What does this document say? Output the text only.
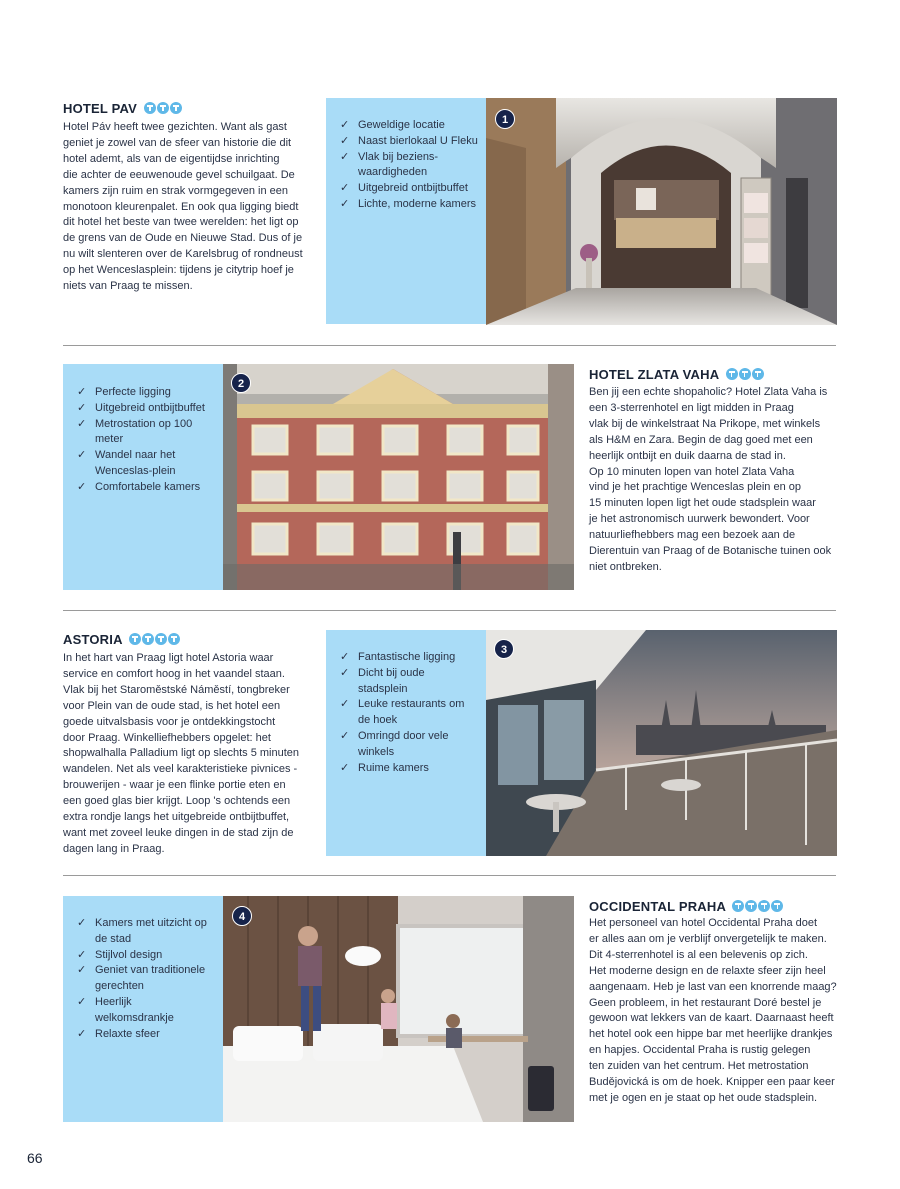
HOTEL PAV

Hotel Páv heeft twee gezichten. Want als gast

geniet je zowel van de sfeer van historie die dit

hotel ademt, als van de eigentijdse inrichting

die achter de eeuwenoude gevel schuilgaat. De

kamers zijn ruim en strak vormgegeven in een

monotoon kleurenpalet. En ook qua ligging biedt

dit hotel het beste van twee werelden: het ligt op

de grens van de Oude en Nieuwe Stad. Dus of je

nu wilt slenteren over de Karelsbrug of rondneust

op het Wenceslasplein: tijdens je citytrip hoef je

niets van Praag te missen.

✓ Geweldige locatie
✓ Naast bierlokaal U Fleku
✓ Vlak bij beziens-
waardigheden
✓ Uitgebreid ontbijtbuffet
✓ Lichte, moderne kamers
1
✓ Perfecte ligging
✓ Uitgebreid ontbijtbuffet
✓ Metrostation op 100
meter
✓ Wandel naar het
Wenceslas-plein
✓ Comfortabele kamers
2
HOTEL ZLATA VAHA

Ben jij een echte shopaholic? Hotel Zlata Vaha is

een 3-sterrenhotel en ligt midden in Praag

vlak bij de winkelstraat Na Prikope, met winkels

als H&M en Zara. Begin de dag goed met een

heerlijk ontbijt en duik daarna de stad in.

Op 10 minuten lopen van hotel Zlata Vaha

vind je het prachtige Wenceslas plein en op

15 minuten lopen ligt het oude stadsplein waar

je het astronomisch uurwerk bewondert. Voor

natuurliefhebbers mag een bezoek aan de

Dierentuin van Praag of de Botanische tuinen ook

niet ontbreken.

ASTORIA

In het hart van Praag ligt hotel Astoria waar

service en comfort hoog in het vaandel staan.

Vlak bij het Staroměstské Náměstí, tongbreker

voor Plein van de oude stad, is het hotel een

goede uitvalsbasis voor je ontdekkingstocht

door Praag. Winkelliefhebbers opgelet: het

shopwalhalla Palladium ligt op slechts 5 minuten

wandelen. Net als veel karakteristieke pivnices -

brouwerijen - waar je een flinke portie eten en

een goed glas bier krijgt. Loop 's ochtends een

extra rondje langs het uitgebreide ontbijtbuffet,

want met zoveel leuke dingen in de stad zijn de

dagen lang in Praag.

✓ Fantastische ligging
✓ Dicht bij oude
stadsplein
✓ Leuke restaurants om
de hoek
✓ Omringd door vele
winkels
✓ Ruime kamers
3
✓ Kamers met uitzicht op
de stad
✓ Stijlvol design
✓ Geniet van traditionele
gerechten
✓ Heerlijk
welkomsdrankje
✓ Relaxte sfeer
4
OCCIDENTAL PRAHA

Het personeel van hotel Occidental Praha doet

er alles aan om je verblijf onvergetelijk te maken.

Dit 4-sterrenhotel is al een belevenis op zich.

Het moderne design en de relaxte sfeer zijn heel

aangenaam. Heb je last van een knorrende maag?

Geen probleem, in het restaurant Doré bestel je

gewoon wat lekkers van de kaart. Daarnaast heeft

het hotel ook een hippe bar met heerlijke drankjes

en hapjes. Occidental Praha is rustig gelegen

ten zuiden van het centrum. Het metrostation

Budějovická is om de hoek. Knipper een paar keer

met je ogen en je staat op het oude stadsplein.

66
